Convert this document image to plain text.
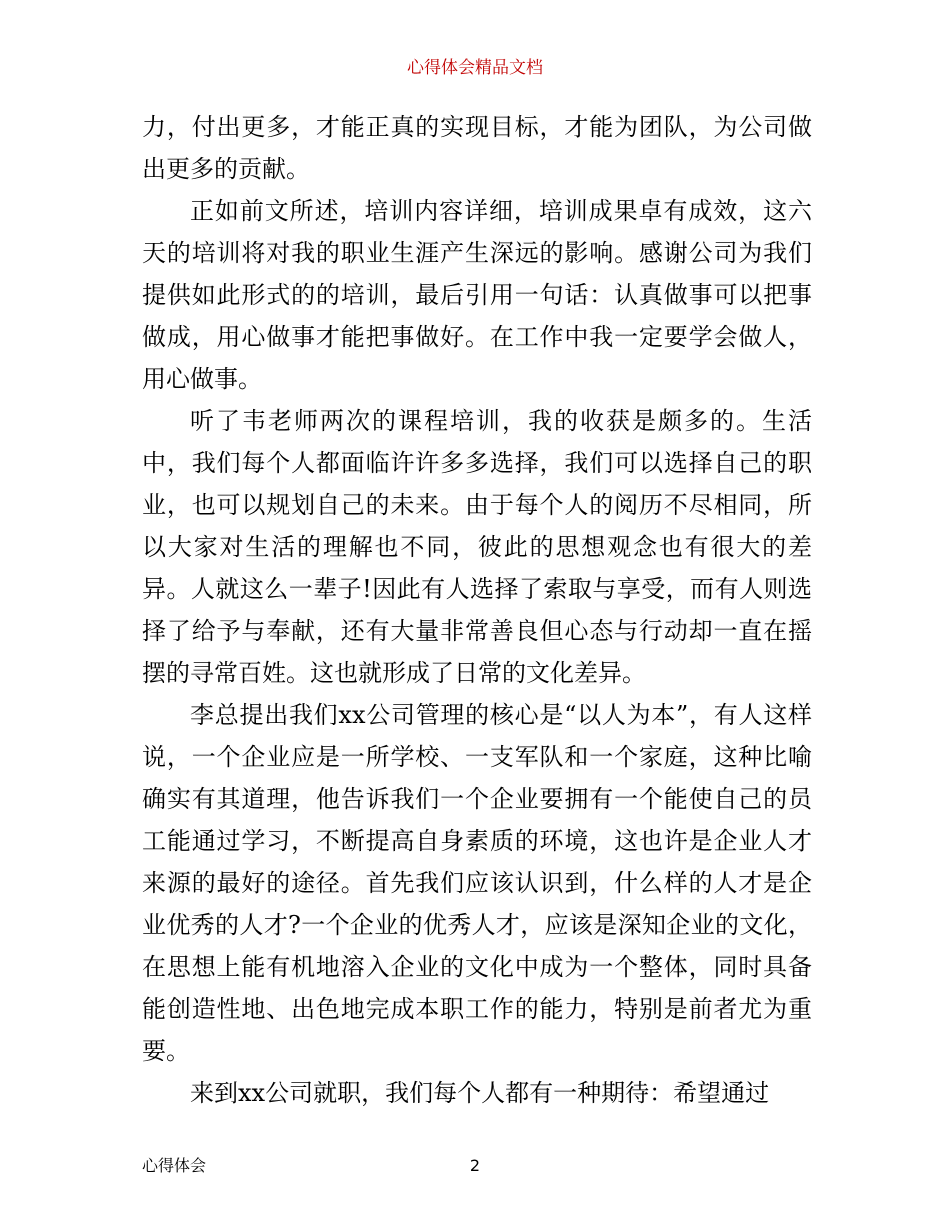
心得体会精品文档

力，付出更多，才能正真的实现目标，才能为团队，为公司做出更多的贡献。

正如前文所述，培训内容详细，培训成果卓有成效，这六天的培训将对我的职业生涯产生深远的影响。感谢公司为我们提供如此形式的的培训，最后引用一句话：认真做事可以把事做成，用心做事才能把事做好。在工作中我一定要学会做人，用心做事。

听了韦老师两次的课程培训，我的收获是颇多的。生活中，我们每个人都面临许许多多选择，我们可以选择自己的职业，也可以规划自己的未来。由于每个人的阅历不尽相同，所以大家对生活的理解也不同，彼此的思想观念也有很大的差异。人就这么一辈子!因此有人选择了索取与享受，而有人则选择了给予与奉献，还有大量非常善良但心态与行动却一直在摇摆的寻常百姓。这也就形成了日常的文化差异。

李总提出我们xx公司管理的核心是“以人为本”，有人这样说，一个企业应是一所学校、一支军队和一个家庭，这种比喻确实有其道理，他告诉我们一个企业要拥有一个能使自己的员工能通过学习，不断提高自身素质的环境，这也许是企业人才来源的最好的途径。首先我们应该认识到，什么样的人才是企业优秀的人才?一个企业的优秀人才，应该是深知企业的文化，在思想上能有机地溶入企业的文化中成为一个整体，同时具备能创造性地、出色地完成本职工作的能力，特别是前者尤为重要。

来到xx公司就职，我们每个人都有一种期待：希望通过

心得体会	2
